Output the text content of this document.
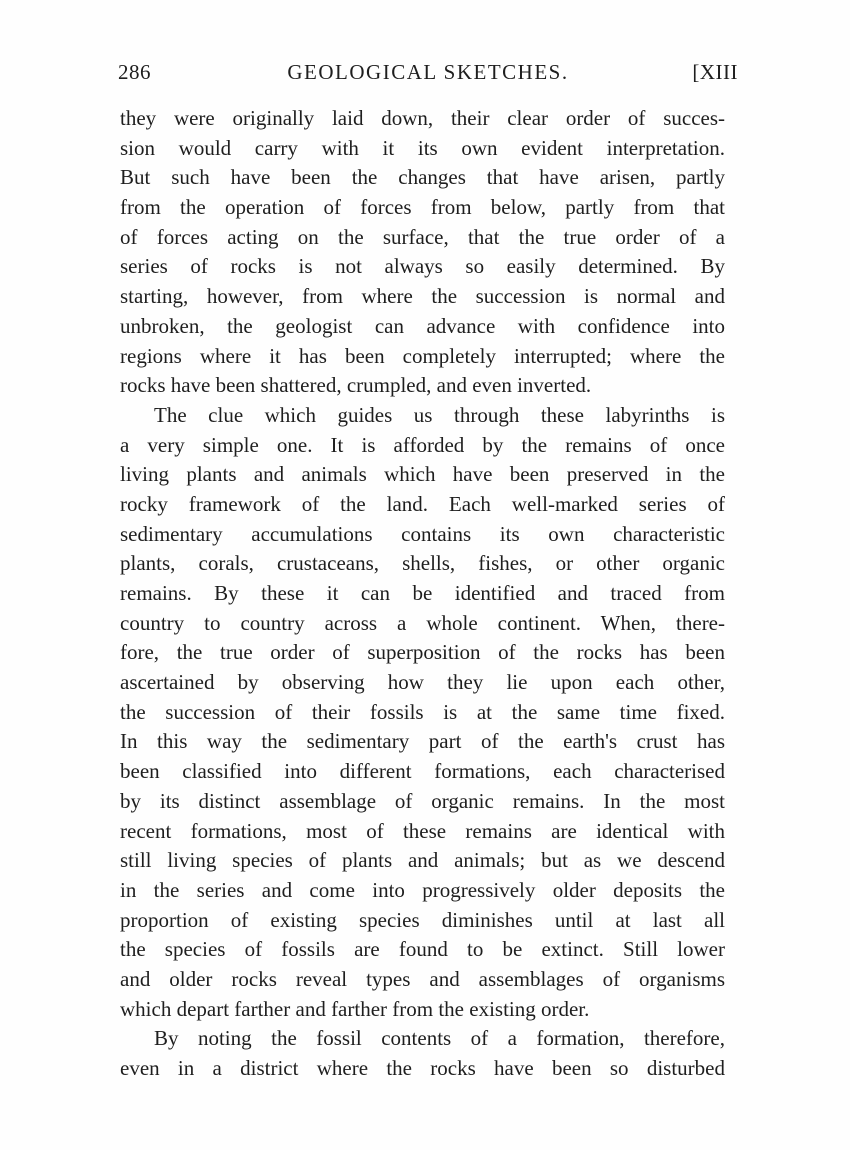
286	GEOLOGICAL SKETCHES.	[XIII
they were originally laid down, their clear order of succes-
sion would carry with it its own evident interpretation.
But such have been the changes that have arisen, partly
from the operation of forces from below, partly from that
of forces acting on the surface, that the true order of a
series of rocks is not always so easily determined. By
starting, however, from where the succession is normal and
unbroken, the geologist can advance with confidence into
regions where it has been completely interrupted; where the
rocks have been shattered, crumpled, and even inverted.
The clue which guides us through these labyrinths is
a very simple one. It is afforded by the remains of once
living plants and animals which have been preserved in the
rocky framework of the land. Each well-marked series of
sedimentary accumulations contains its own characteristic
plants, corals, crustaceans, shells, fishes, or other organic
remains. By these it can be identified and traced from
country to country across a whole continent. When, there-
fore, the true order of superposition of the rocks has been
ascertained by observing how they lie upon each other,
the succession of their fossils is at the same time fixed.
In this way the sedimentary part of the earth's crust has
been classified into different formations, each characterised
by its distinct assemblage of organic remains. In the most
recent formations, most of these remains are identical with
still living species of plants and animals; but as we descend
in the series and come into progressively older deposits the
proportion of existing species diminishes until at last all
the species of fossils are found to be extinct. Still lower
and older rocks reveal types and assemblages of organisms
which depart farther and farther from the existing order.
By noting the fossil contents of a formation, therefore,
even in a district where the rocks have been so disturbed
